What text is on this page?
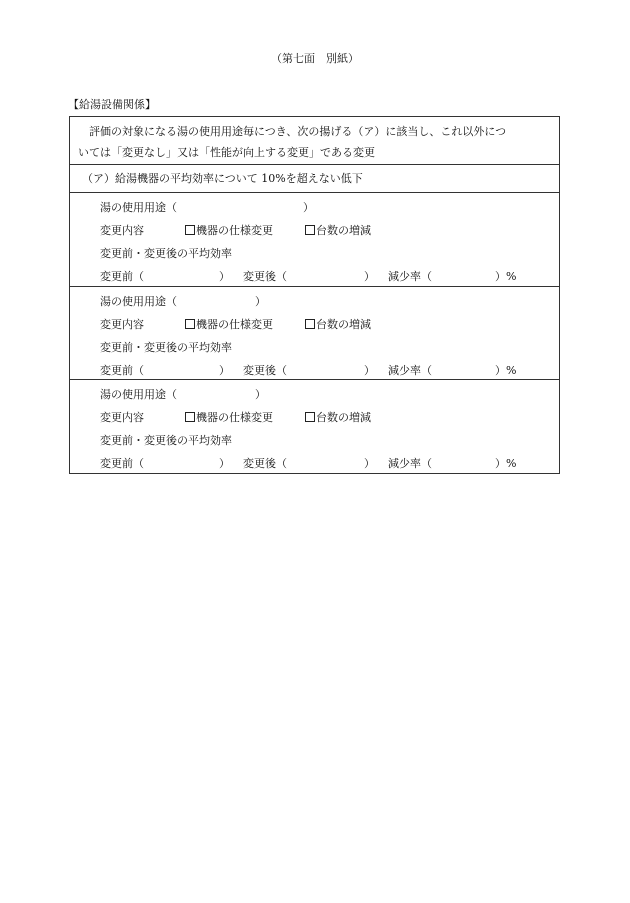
（第七面　別紙）
【給湯設備関係】
評価の対象になる湯の使用用途毎につき、次の揚げる（ア）に該当し、これ以外につ
いては「変更なし」又は「性能が向上する変更」である変更
（ア）給湯機器の平均効率について 10%を超えない低下
湯の使用用途（	）
変更内容	機器の仕様変更	台数の増減
変更前・変更後の平均効率
変更前（	） 変更後（	） 減少率（	）%
湯の使用用途（	）
変更内容	機器の仕様変更	台数の増減
変更前・変更後の平均効率
変更前（	） 変更後（	） 減少率（	）%
湯の使用用途（	）
変更内容	機器の仕様変更	台数の増減
変更前・変更後の平均効率
変更前（	） 変更後（	） 減少率（	）%
